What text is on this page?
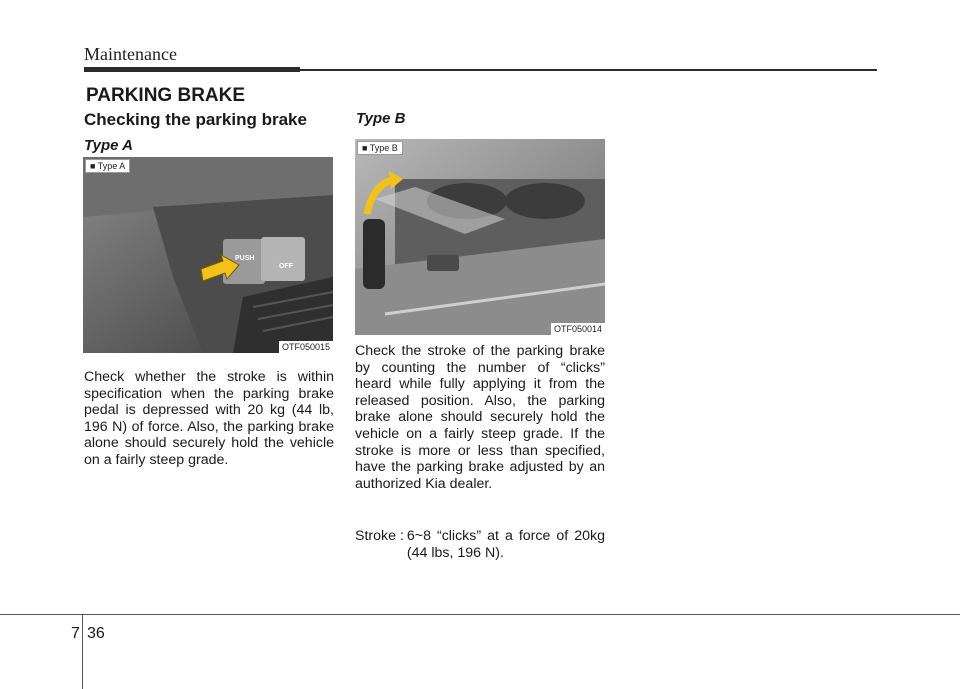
Maintenance
PARKING BRAKE
Checking the parking brake
Type A
PUSH
OFF
■ Type A
OTF050015
Check whether the stroke is within specification when the parking brake pedal is depressed with 20 kg (44 lb, 196 N) of force. Also, the parking brake alone should securely hold the vehicle on a fairly steep grade.
Type B
■ Type B
OTF050014
Check the stroke of the parking brake by counting the number of “clicks” heard while fully applying it from the released position. Also, the parking brake alone should securely hold the vehicle on a fairly steep grade. If the stroke is more or less than specified, have the parking brake adjusted by an authorized Kia dealer.
Stroke : 6~8 “clicks” at a force of 20kg (44 lbs, 196 N).
7 36
